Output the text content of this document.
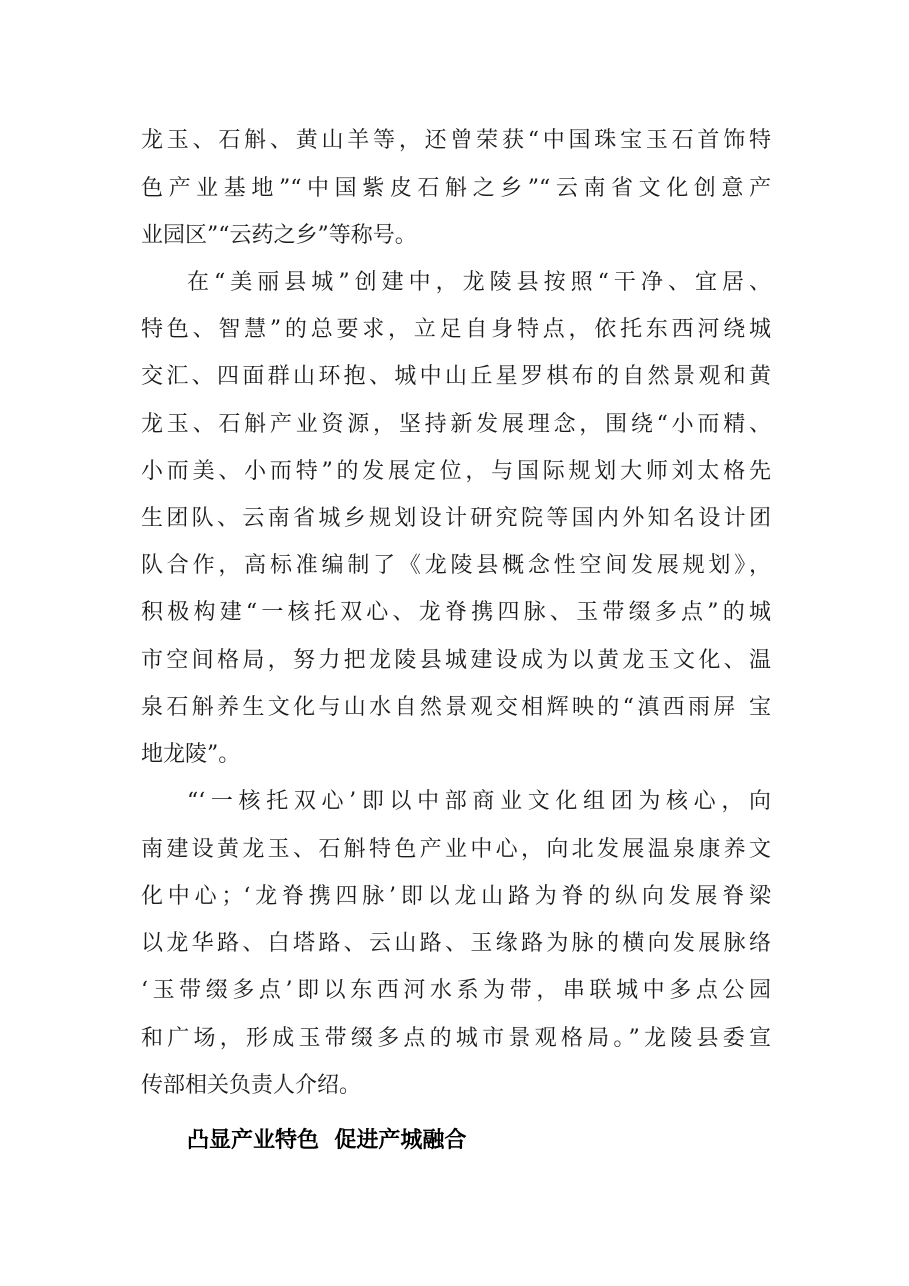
龙玉、石斛、黄山羊等，还曾荣获“中国珠宝玉石首饰特
色产业基地”“中国紫皮石斛之乡”“云南省文化创意产
业园区”“云药之乡”等称号。
在“美丽县城”创建中，龙陵县按照“干净、宜居、
特色、智慧”的总要求，立足自身特点，依托东西河绕城
交汇、四面群山环抱、城中山丘星罗棋布的自然景观和黄
龙玉、石斛产业资源，坚持新发展理念，围绕“小而精、
小而美、小而特”的发展定位，与国际规划大师刘太格先
生团队、云南省城乡规划设计研究院等国内外知名设计团
队合作，高标准编制了《龙陵县概念性空间发展规划》，
积极构建“一核托双心、龙脊携四脉、玉带缀多点”的城
市空间格局，努力把龙陵县城建设成为以黄龙玉文化、温
泉石斛养生文化与山水自然景观交相辉映的“滇西雨屏 宝
地龙陵”。
“‘一核托双心’即以中部商业文化组团为核心，向
南建设黄龙玉、石斛特色产业中心，向北发展温泉康养文
化中心；‘龙脊携四脉’即以龙山路为脊的纵向发展脊梁
以龙华路、白塔路、云山路、玉缘路为脉的横向发展脉络
‘玉带缀多点’即以东西河水系为带，串联城中多点公园
和广场，形成玉带缀多点的城市景观格局。”龙陵县委宣
传部相关负责人介绍。
凸显产业特色  促进产城融合
